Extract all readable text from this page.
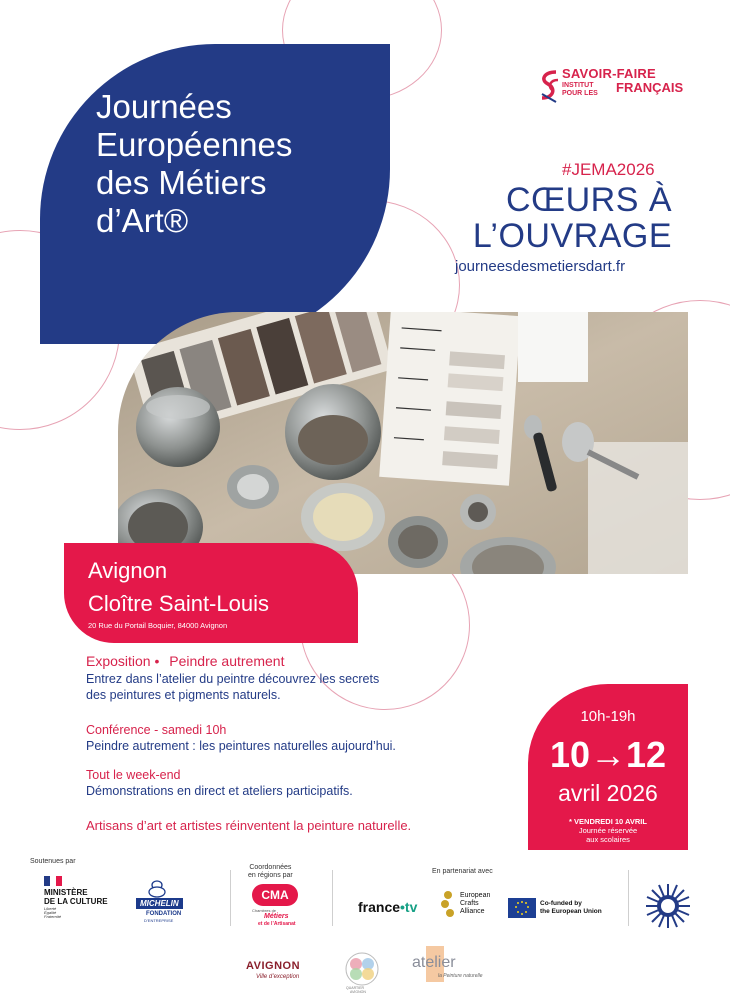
Journées
Européennes
des Métiers
d’Art®
SAVOIR-FAIRE
INSTITUT
POUR LES FRANÇAIS
#JEMA2026
CŒURS À
L’OUVRAGE
journeesdesmetiersdart.fr
Avignon
Cloître Saint-Louis
20 Rue du Portail Boquier, 84000 Avignon
Exposition • Peindre autrement
Entrez dans l’atelier du peintre découvrez les secrets
des peintures et pigments naturels.
Conférence - samedi 10h
Peindre autrement : les peintures naturelles aujourd’hui.
Tout le week-end
Démonstrations en direct et ateliers participatifs.
Artisans d’art et artistes réinventent la peinture naturelle.
10h-19h
10→12
avril 2026
* VENDREDI 10 AVRIL
Journée réservée
aux scolaires
Soutenues par
Coordonnées
en régions par
En partenariat avec
MINISTÈRE
DE LA CULTURE
Liberté
Égalité
Fraternité
MICHELIN
FONDATION
D’ENTREPRISE
CMA
Chambres de
Métiers
et de l’Artisanat
france•tv
European
Crafts
Alliance
Co-funded by
the European Union
AVIGNON
Ville d’exception
QUARTIER
AVIGNON
atelier
la Peinture naturelle
